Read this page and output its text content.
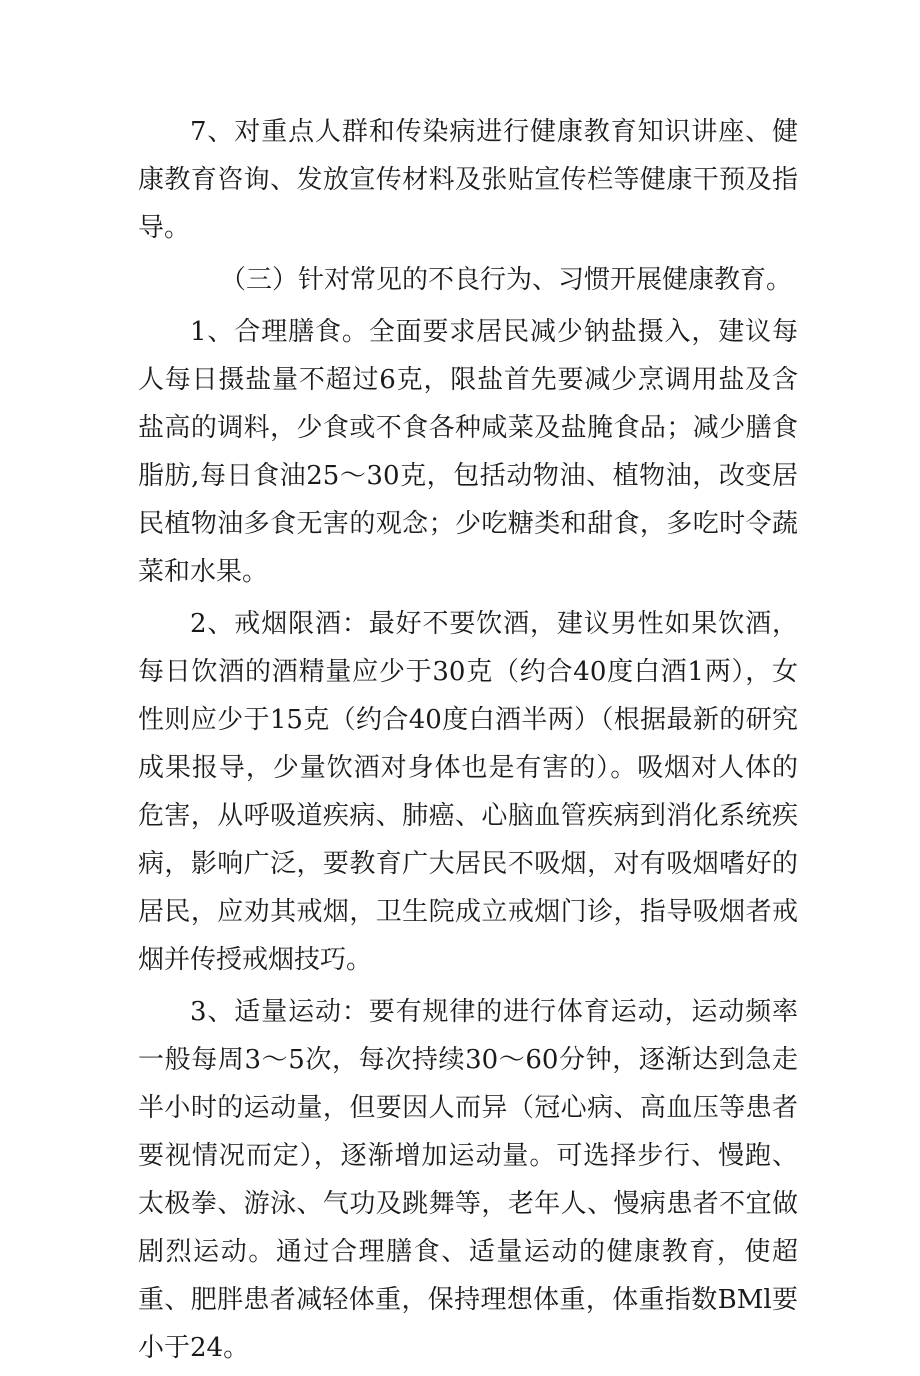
7、对重点人群和传染病进行健康教育知识讲座、健康教育咨询、发放宣传材料及张贴宣传栏等健康干预及指导。

（三）针对常见的不良行为、习惯开展健康教育。

1、合理膳食。全面要求居民减少钠盐摄入，建议每人每日摄盐量不超过6克，限盐首先要减少烹调用盐及含盐高的调料，少食或不食各种咸菜及盐腌食品；减少膳食脂肪,每日食油25～30克，包括动物油、植物油，改变居民植物油多食无害的观念；少吃糖类和甜食，多吃时令蔬菜和水果。

2、戒烟限酒：最好不要饮酒，建议男性如果饮酒，每日饮酒的酒精量应少于30克（约合40度白酒1两），女性则应少于15克（约合40度白酒半两）（根据最新的研究成果报导，少量饮酒对身体也是有害的）。吸烟对人体的危害，从呼吸道疾病、肺癌、心脑血管疾病到消化系统疾病，影响广泛，要教育广大居民不吸烟，对有吸烟嗜好的居民，应劝其戒烟，卫生院成立戒烟门诊，指导吸烟者戒烟并传授戒烟技巧。

3、适量运动：要有规律的进行体育运动，运动频率一般每周3～5次，每次持续30～60分钟，逐渐达到急走半小时的运动量，但要因人而异（冠心病、高血压等患者要视情况而定），逐渐增加运动量。可选择步行、慢跑、太极拳、游泳、气功及跳舞等，老年人、慢病患者不宜做剧烈运动。通过合理膳食、适量运动的健康教育，使超重、肥胖患者减轻体重，保持理想体重，体重指数BMl要小于24。
